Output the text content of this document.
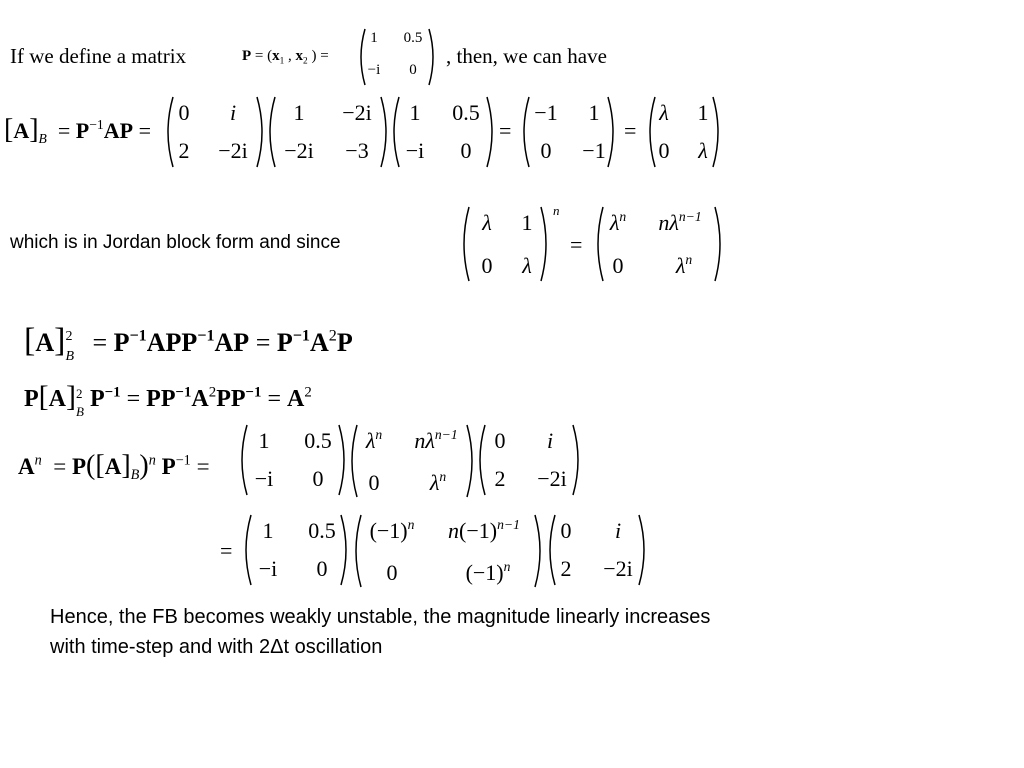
If we define a matrix	$P = (x_1$ , $x_2$ ) =
1 0.5
−i 0
, then, we can have
$[A]_B = P^{-1}AP$ =
0 i
2 −2i
1 −2i
−2i −3
1 0.5
−i 0
=
−1 1
0 −1
=
λ 1
0 λ
which is in Jordan block form and since
λ 1
0 λ
n
=
$\lambda^n$ $n\lambda^{n-1}$
0 $\lambda^n$
[A] 2
$B = P^{-1}APP^{-1}AP = P^{-1}A^2P$
P[A] 2
B $P^{-1} = PP^{-1}A^2PP^{-1} = A^2$
$A^n = P([A]_B)^n$ $P^{-1}$ =
1 0.5
−i 0
$\lambda^n$ $n\lambda^{n-1}$
0 $\lambda^n$
0 i
2 −2i
=
1 0.5
−i 0
$(-1)^n$ $n(-1)^{n-1}$
0	$(-1)^n$
0 i
2 −2i
Hence, the FB becomes weakly unstable, the magnitude linearly increases
with time-step and with 2Δt oscillation
